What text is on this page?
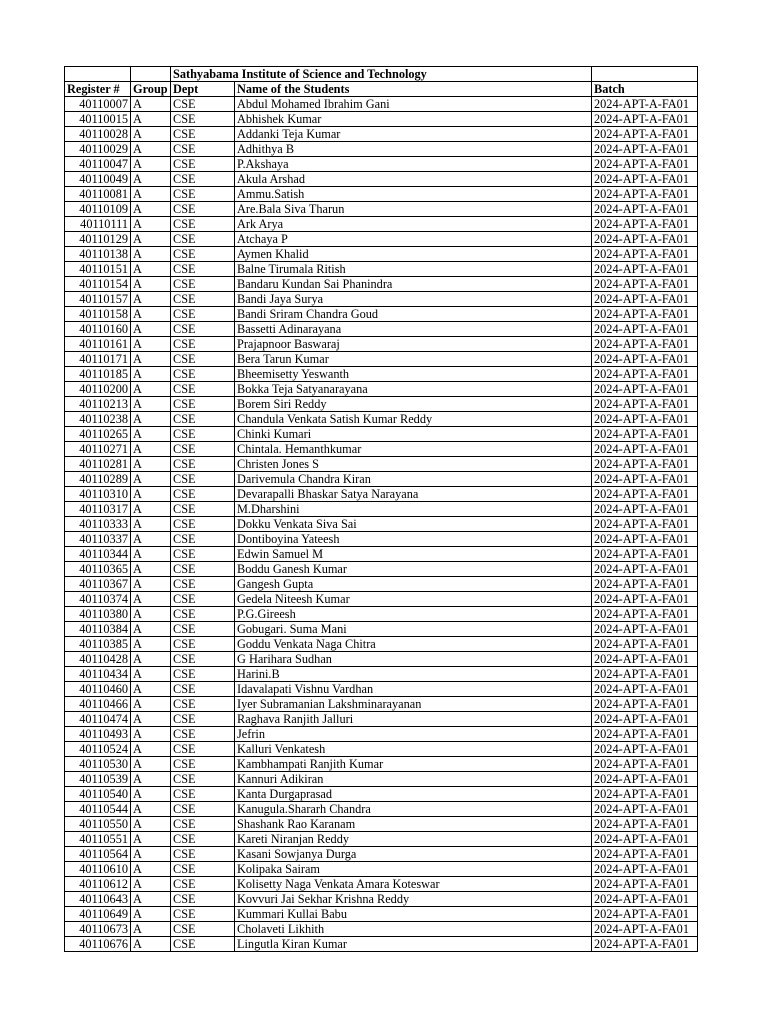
		Sathyabama Institute of Science and Technology		
Register #	Group	Dept	Name of the Students	Batch
40110007	A	CSE	Abdul Mohamed Ibrahim Gani	2024-APT-A-FA01
40110015	A	CSE	Abhishek Kumar	2024-APT-A-FA01
40110028	A	CSE	Addanki Teja Kumar	2024-APT-A-FA01
40110029	A	CSE	Adhithya B	2024-APT-A-FA01
40110047	A	CSE	P.Akshaya	2024-APT-A-FA01
40110049	A	CSE	Akula Arshad	2024-APT-A-FA01
40110081	A	CSE	Ammu.Satish	2024-APT-A-FA01
40110109	A	CSE	Are.Bala Siva Tharun	2024-APT-A-FA01
40110111	A	CSE	Ark Arya	2024-APT-A-FA01
40110129	A	CSE	Atchaya P	2024-APT-A-FA01
40110138	A	CSE	Aymen Khalid	2024-APT-A-FA01
40110151	A	CSE	Balne Tirumala Ritish	2024-APT-A-FA01
40110154	A	CSE	Bandaru Kundan Sai Phanindra	2024-APT-A-FA01
40110157	A	CSE	Bandi Jaya Surya	2024-APT-A-FA01
40110158	A	CSE	Bandi Sriram Chandra Goud	2024-APT-A-FA01
40110160	A	CSE	Bassetti Adinarayana	2024-APT-A-FA01
40110161	A	CSE	Prajapnoor Baswaraj	2024-APT-A-FA01
40110171	A	CSE	Bera Tarun Kumar	2024-APT-A-FA01
40110185	A	CSE	Bheemisetty Yeswanth	2024-APT-A-FA01
40110200	A	CSE	Bokka Teja Satyanarayana	2024-APT-A-FA01
40110213	A	CSE	Borem Siri Reddy	2024-APT-A-FA01
40110238	A	CSE	Chandula Venkata Satish Kumar Reddy	2024-APT-A-FA01
40110265	A	CSE	Chinki Kumari	2024-APT-A-FA01
40110271	A	CSE	Chintala. Hemanthkumar	2024-APT-A-FA01
40110281	A	CSE	Christen Jones S	2024-APT-A-FA01
40110289	A	CSE	Darivemula Chandra Kiran	2024-APT-A-FA01
40110310	A	CSE	Devarapalli Bhaskar Satya Narayana	2024-APT-A-FA01
40110317	A	CSE	M.Dharshini	2024-APT-A-FA01
40110333	A	CSE	Dokku Venkata Siva Sai	2024-APT-A-FA01
40110337	A	CSE	Dontiboyina Yateesh	2024-APT-A-FA01
40110344	A	CSE	Edwin Samuel M	2024-APT-A-FA01
40110365	A	CSE	Boddu Ganesh Kumar	2024-APT-A-FA01
40110367	A	CSE	Gangesh Gupta	2024-APT-A-FA01
40110374	A	CSE	Gedela Niteesh Kumar	2024-APT-A-FA01
40110380	A	CSE	P.G.Gireesh	2024-APT-A-FA01
40110384	A	CSE	Gobugari. Suma Mani	2024-APT-A-FA01
40110385	A	CSE	Goddu Venkata Naga Chitra	2024-APT-A-FA01
40110428	A	CSE	G Harihara Sudhan	2024-APT-A-FA01
40110434	A	CSE	Harini.B	2024-APT-A-FA01
40110460	A	CSE	Idavalapati Vishnu Vardhan	2024-APT-A-FA01
40110466	A	CSE	Iyer Subramanian Lakshminarayanan	2024-APT-A-FA01
40110474	A	CSE	Raghava Ranjith Jalluri	2024-APT-A-FA01
40110493	A	CSE	Jefrin	2024-APT-A-FA01
40110524	A	CSE	Kalluri Venkatesh	2024-APT-A-FA01
40110530	A	CSE	Kambhampati Ranjith Kumar	2024-APT-A-FA01
40110539	A	CSE	Kannuri Adikiran	2024-APT-A-FA01
40110540	A	CSE	Kanta Durgaprasad	2024-APT-A-FA01
40110544	A	CSE	Kanugula.Shararh Chandra	2024-APT-A-FA01
40110550	A	CSE	Shashank Rao Karanam	2024-APT-A-FA01
40110551	A	CSE	Kareti Niranjan Reddy	2024-APT-A-FA01
40110564	A	CSE	Kasani Sowjanya Durga	2024-APT-A-FA01
40110610	A	CSE	Kolipaka Sairam	2024-APT-A-FA01
40110612	A	CSE	Kolisetty Naga Venkata Amara Koteswar	2024-APT-A-FA01
40110643	A	CSE	Kovvuri Jai Sekhar Krishna Reddy	2024-APT-A-FA01
40110649	A	CSE	Kummari Kullai Babu	2024-APT-A-FA01
40110673	A	CSE	Cholaveti Likhith	2024-APT-A-FA01
40110676	A	CSE	Lingutla Kiran Kumar	2024-APT-A-FA01
